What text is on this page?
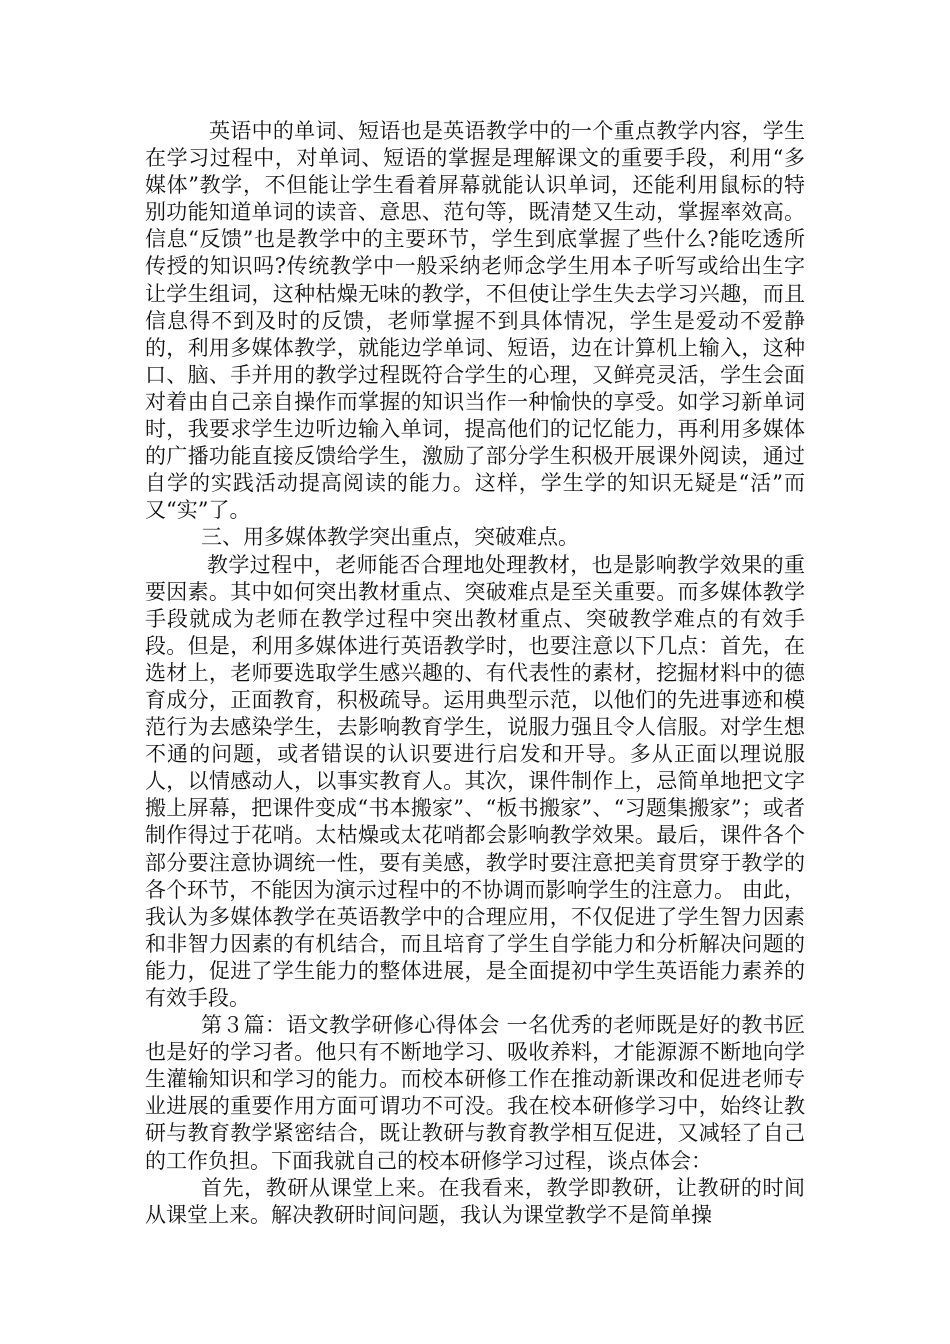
英语中的单词、短语也是英语教学中的一个重点教学内容，学生在学习过程中，对单词、短语的掌握是理解课文的重要手段，利用“多媒体”教学，不但能让学生看着屏幕就能认识单词，还能利用鼠标的特别功能知道单词的读音、意思、范句等，既清楚又生动，掌握率效高。信息“反馈”也是教学中的主要环节，学生到底掌握了些什么?能吃透所传授的知识吗?传统教学中一般采纳老师念学生用本子听写或给出生字让学生组词，这种枯燥无味的教学，不但使让学生失去学习兴趣，而且信息得不到及时的反馈，老师掌握不到具体情况，学生是爱动不爱静的，利用多媒体教学，就能边学单词、短语，边在计算机上输入，这种口、脑、手并用的教学过程既符合学生的心理，又鲜亮灵活，学生会面对着由自己亲自操作而掌握的知识当作一种愉快的享受。如学习新单词 时，我要求学生边听边输入单词，提高他们的记忆能力，再利用多媒体的广播功能直接反馈给学生，激励了部分学生积极开展课外阅读，通过自学的实践活动提高阅读的能力。这样，学生学的知识无疑是“活”而又“实”了。

三、用多媒体教学突出重点，突破难点。

教学过程中，老师能否合理地处理教材，也是影响教学效果的重要因素。其中如何突出教材重点、突破难点是至关重要。而多媒体教学手段就成为老师在教学过程中突出教材重点、突破教学难点的有效手段。但是，利用多媒体进行英语教学时，也要注意以下几点：首先，在选材上，老师要选取学生感兴趣的、有代表性的素材，挖掘材料中的德育成分，正面教育，积极疏导。运用典型示范，以他们的先进事迹和模范行为去感染学生，去影响教育学生，说服力强且令人信服。对学生想不通的问题，或者错误的认识要进行启发和开导。多从正面以理说服人，以情感动人，以事实教育人。其次，课件制作上，忌简单地把文字搬上屏幕，把课件变成“书本搬家”、“板书搬家”、“习题集搬家”；或者制作得过于花哨。太枯燥或太花哨都会影响教学效果。最后，课件各个部分要注意协调统一性，要有美感，教学时要注意把美育贯穿于教学的各个环节，不能因为演示过程中的不协调而影响学生的注意力。 由此，我认为多媒体教学在英语教学中的合理应用，不仅促进了学生智力因素和非智力因素的有机结合，而且培育了学生自学能力和分析解决问题的能力，促进了学生能力的整体进展，是全面提初中学生英语能力素养的有效手段。

第３篇：语文教学研修心得体会 一名优秀的老师既是好的教书匠也是好的学习者。他只有不断地学习、吸收养料，才能源源不断地向学生灌输知识和学习的能力。而校本研修工作在推动新课改和促进老师专业进展的重要作用方面可谓功不可没。我在校本研修学习中，始终让教研与教育教学紧密结合，既让教研与教育教学相互促进，又减轻了自己的工作负担。下面我就自己的校本研修学习过程，谈点体会：

首先，教研从课堂上来。在我看来，教学即教研，让教研的时间从课堂上来。解决教研时间问题，我认为课堂教学不是简单操
